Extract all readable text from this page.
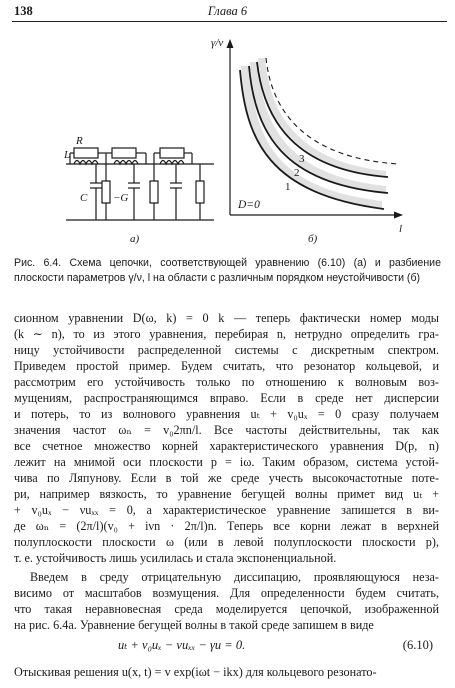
138	Глава 6
R
L
C −G
а)
γ/ν
l
1
2
3
D=0
б)
Рис. 6.4. Схема цепочки, соответствующей уравнению (6.10) (а) и разбиение плоскости параметров γ/ν, l на области с различным порядком неустойчивости (б)
сионном уравнении D(ω, k) = 0 k — теперь фактически номер моды
(k ∼ n), то из этого уравнения, перебирая n, нетрудно определить гра-
ницу устойчивости распределенной системы с дискретным спектром.
Приведем простой пример. Будем считать, что резонатор кольцевой, и
рассмотрим его устойчивость только по отношению к волновым воз-
мущениям, распространяющимся вправо. Если в среде нет дисперсии
и потерь, то из волнового уравнения uₜ + v₀uₓ = 0 сразу получаем
значения частот ωₙ = v₀2πn/l. Все частоты действительны, так как
все счетное множество корней характеристического уравнения D(p, n)
лежит на мнимой оси плоскости p = iω. Таким образом, система устой-
чива по Ляпунову. Если в той же среде учесть высокочастотные поте-
ри, например вязкость, то уравнение бегущей волны примет вид uₜ +
+ v₀uₓ − νuₓₓ = 0, а характеристическое уравнение запишется в ви-
де ωₙ = (2π/l)(v₀ + iνn · 2π/l)n. Теперь все корни лежат в верхней
полуплоскости плоскости ω (или в левой полуплоскости плоскости p),
т. е. устойчивость лишь усилилась и стала экспоненциальной.
Введем в среду отрицательную диссипацию, проявляющуюся неза-
висимо от масштабов возмущения. Для определенности будем считать,
что такая неравновесная среда моделируется цепочкой, изображенной
на рис. 6.4а. Уравнение бегущей волны в такой среде запишем в виде
uₜ + v₀uₓ − νuₓₓ − γu = 0.	(6.10)
Отыскивая решения u(x, t) = v exp(iωt − ikx) для кольцевого резонато-
